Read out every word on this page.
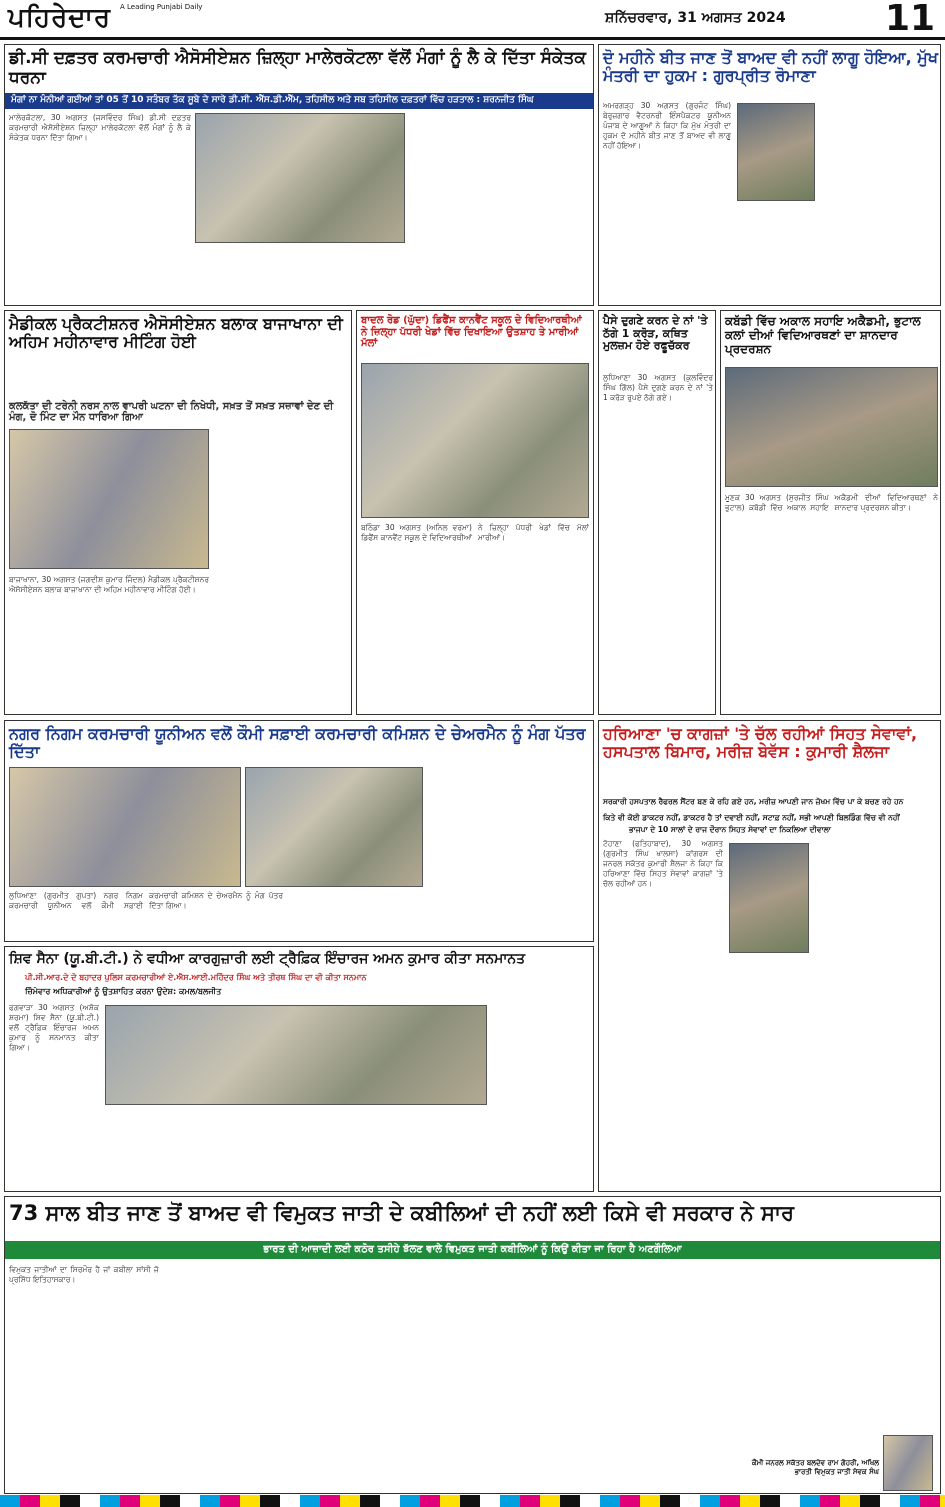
ਪਹਿਰੇਦਾਰ A Leading Punjabi Daily
ਸ਼ਨਿੱਚਰਵਾਰ, 31 ਅਗਸਤ 2024	11
ਡੀ.ਸੀ ਦਫ਼ਤਰ ਕਰਮਚਾਰੀ ਐਸੋਸੀਏਸ਼ਨ ਜ਼ਿਲ੍ਹਾ ਮਾਲੇਰਕੋਟਲਾ ਵੱਲੋਂ ਮੰਗਾਂ ਨੂੰ ਲੈ ਕੇ ਦਿੱਤਾ ਸੰਕੇਤਕ ਧਰਨਾ
ਮੰਗਾਂ ਨਾ ਮੰਨੀਆਂ ਗਈਆਂ ਤਾਂ 05 ਤੋਂ 10 ਸਤੰਬਰ ਤੱਕ ਸੂਬੇ ਦੇ ਸਾਰੇ ਡੀ.ਸੀ. ਐੱਸ.ਡੀ.ਐੱਮ, ਤਹਿਸੀਲ ਅਤੇ ਸਬ ਤਹਿਸੀਲ ਦਫ਼ਤਰਾਂ ਵਿੱਚ ਹੜਤਾਲ : ਸ਼ਰਨਜੀਤ ਸਿੰਘ
ਮਾਲੇਰਕੋਟਲਾ, 30 ਅਗਸਤ (ਜਸਵਿੰਦਰ ਸਿੰਘ) ਡੀ.ਸੀ ਦਫ਼ਤਰ ਕਰਮਚਾਰੀ ਐਸੋਸੀਏਸ਼ਨ ਜ਼ਿਲ੍ਹਾ ਮਾਲੇਰਕੋਟਲਾ ਵੱਲੋਂ ਮੰਗਾਂ ਨੂੰ ਲੈ ਕੇ ਸੰਕੇਤਕ ਧਰਨਾ ਦਿੱਤਾ ਗਿਆ।
ਦੋ ਮਹੀਨੇ ਬੀਤ ਜਾਣ ਤੋਂ ਬਾਅਦ ਵੀ ਨਹੀਂ ਲਾਗੂ ਹੋਇਆ, ਮੁੱਖ ਮੰਤਰੀ ਦਾ ਹੁਕਮ : ਗੁਰਪ੍ਰੀਤ ਰੋਮਾਣਾ
ਅਮਰਗੜ੍ਹ 30 ਅਗਸਤ (ਗੁਰਜੰਟ ਸਿੰਘ) ਬੇਰੁਜ਼ਗਾਰ ਵੈਟਰਨਰੀ ਇੰਸਪੈਕਟਰ ਯੂਨੀਅਨ ਪੰਜਾਬ ਦੇ ਆਗੂਆਂ ਨੇ ਕਿਹਾ ਕਿ ਮੁੱਖ ਮੰਤਰੀ ਦਾ ਹੁਕਮ ਦੋ ਮਹੀਨੇ ਬੀਤ ਜਾਣ ਤੋਂ ਬਾਅਦ ਵੀ ਲਾਗੂ ਨਹੀਂ ਹੋਇਆ।
ਮੈਡੀਕਲ ਪ੍ਰੈਕਟੀਸ਼ਨਰ ਐਸੋਸੀਏਸ਼ਨ ਬਲਾਕ ਬਾਜਾਖਾਨਾ ਦੀ ਅਹਿਮ ਮਹੀਨਾਵਾਰ ਮੀਟਿੰਗ ਹੋਈ
ਕਲਕੱਤਾ ਦੀ ਟਰੇਨੀ ਨਰਸ ਨਾਲ ਵਾਪਰੀ ਘਟਨਾ ਦੀ ਨਿਖੇਧੀ, ਸਖ਼ਤ ਤੋਂ ਸਖ਼ਤ ਸਜ਼ਾਵਾਂ ਦੇਣ ਦੀ ਮੰਗ, ਦੋ ਮਿੰਟ ਦਾ ਮੌਨ ਧਾਰਿਆ ਗਿਆ
ਬਾਜਾਖਾਨਾ, 30 ਅਗਸਤ (ਜਗਦੀਸ਼ ਕੁਮਾਰ ਜਿੰਦਲ) ਮੈਡੀਕਲ ਪ੍ਰੈਕਟੀਸ਼ਨਰ ਐਸੋਸੀਏਸ਼ਨ ਬਲਾਕ ਬਾਜਾਖਾਨਾ ਦੀ ਅਹਿਮ ਮਹੀਨਾਵਾਰ ਮੀਟਿੰਗ ਹੋਈ।
ਬਾਦਲ ਰੋਡ (ਘੁੱਦਾ) ਡਿਫੈਂਸ ਕਾਨਵੈਂਟ ਸਕੂਲ ਦੇ ਵਿਦਿਆਰਥੀਆਂ ਨੇ ਜ਼ਿਲ੍ਹਾ ਪੱਧਰੀ ਖੇਡਾਂ ਵਿੱਚ ਦਿਖਾਇਆ ਉਤਸ਼ਾਹ ਤੇ ਮਾਰੀਆਂ ਮੱਲਾਂ
ਬਠਿੰਡਾ 30 ਅਗਸਤ (ਅਨਿਲ ਵਰਮਾ) ਡਿਫੈਂਸ ਕਾਨਵੈਂਟ ਸਕੂਲ ਦੇ ਵਿਦਿਆਰਥੀਆਂ ਨੇ ਜ਼ਿਲ੍ਹਾ ਪੱਧਰੀ ਖੇਡਾਂ ਵਿੱਚ ਮੱਲਾਂ ਮਾਰੀਆਂ।
ਪੈਸੇ ਦੁਗਣੇ ਕਰਨ ਦੇ ਨਾਂ 'ਤੇ ਠੱਗੇ 1 ਕਰੋੜ, ਕਥਿਤ ਮੁਲਜ਼ਮ ਹੋਏ ਰਫੂਚੱਕਰ
ਲੁਧਿਆਣਾ 30 ਅਗਸਤ (ਕੁਲਵਿੰਦਰ ਸਿੰਘ ਗਿੱਲ) ਪੈਸੇ ਦੁਗਣੇ ਕਰਨ ਦੇ ਨਾਂ 'ਤੇ 1 ਕਰੋੜ ਰੁਪਏ ਠੱਗੇ ਗਏ।
ਕਬੱਡੀ ਵਿੱਚ ਅਕਾਲ ਸਹਾਇ ਅਕੈਡਮੀ, ਭੁਟਾਲ ਕਲਾਂ ਦੀਆਂ ਵਿਦਿਆਰਥਣਾਂ ਦਾ ਸ਼ਾਨਦਾਰ ਪ੍ਰਦਰਸ਼ਨ
ਮੂਣਕ 30 ਅਗਸਤ (ਸੁਰਜੀਤ ਸਿੰਘ ਭੁਟਾਲ) ਕਬੱਡੀ ਵਿੱਚ ਅਕਾਲ ਸਹਾਇ ਅਕੈਡਮੀ ਦੀਆਂ ਵਿਦਿਆਰਥਣਾਂ ਨੇ ਸ਼ਾਨਦਾਰ ਪ੍ਰਦਰਸ਼ਨ ਕੀਤਾ।
ਨਗਰ ਨਿਗਮ ਕਰਮਚਾਰੀ ਯੂਨੀਅਨ ਵਲੋਂ ਕੌਮੀ ਸਫ਼ਾਈ ਕਰਮਚਾਰੀ ਕਮਿਸ਼ਨ ਦੇ ਚੇਅਰਮੈਨ ਨੂੰ ਮੰਗ ਪੱਤਰ ਦਿੱਤਾ
ਲੁਧਿਆਣਾ (ਗੁਰਮੀਤ ਗੁਪਤਾ) ਨਗਰ ਨਿਗਮ ਕਰਮਚਾਰੀ ਯੂਨੀਅਨ ਵਲੋਂ ਕੌਮੀ ਸਫ਼ਾਈ ਕਰਮਚਾਰੀ ਕਮਿਸ਼ਨ ਦੇ ਚੇਅਰਮੈਨ ਨੂੰ ਮੰਗ ਪੱਤਰ ਦਿੱਤਾ ਗਿਆ।
ਹਰਿਆਣਾ 'ਚ ਕਾਗਜ਼ਾਂ 'ਤੇ ਚੱਲ ਰਹੀਆਂ ਸਿਹਤ ਸੇਵਾਵਾਂ, ਹਸਪਤਾਲ ਬਿਮਾਰ, ਮਰੀਜ਼ ਬੇਵੱਸ : ਕੁਮਾਰੀ ਸ਼ੈਲਜਾ
ਸਰਕਾਰੀ ਹਸਪਤਾਲ ਰੈਫਰਲ ਸੈਂਟਰ ਬਣ ਕੇ ਰਹਿ ਗਏ ਹਨ, ਮਰੀਜ਼ ਆਪਣੀ ਜਾਨ ਜ਼ੋਖਮ ਵਿੱਚ ਪਾ ਕੇ ਬਚਣ ਰਹੇ ਹਨ
ਕਿਤੇ ਵੀ ਕੋਈ ਡਾਕਟਰ ਨਹੀਂ, ਡਾਕਟਰ ਹੈ ਤਾਂ ਦਵਾਈ ਨਹੀਂ, ਸਟਾਫ਼ ਨਹੀਂ, ਸਭੀ ਆਪਣੀ ਬਿਲਡਿੰਗ ਵਿੱਚ ਵੀ ਨਹੀਂ
ਭਾਜਪਾ ਦੇ 10 ਸਾਲਾਂ ਦੇ ਰਾਜ ਦੌਰਾਨ ਸਿਹਤ ਸੇਵਾਵਾਂ ਦਾ ਨਿਕਲਿਆ ਦੀਵਾਲਾ
ਟੋਹਾਣਾ (ਫਤਿਹਾਬਾਦ), 30 ਅਗਸਤ (ਗੁਰਮੀਤ ਸਿੰਘ ਖਾਲਸਾ) ਕਾਂਗਰਸ ਦੀ ਜਨਰਲ ਸਕੱਤਰ ਕੁਮਾਰੀ ਸ਼ੈਲਜਾ ਨੇ ਕਿਹਾ ਕਿ ਹਰਿਆਣਾ ਵਿੱਚ ਸਿਹਤ ਸੇਵਾਵਾਂ ਕਾਗਜ਼ਾਂ 'ਤੇ ਚੱਲ ਰਹੀਆਂ ਹਨ।
ਸ਼ਿਵ ਸੈਨਾ (ਯੂ.ਬੀ.ਟੀ.) ਨੇ ਵਧੀਆ ਕਾਰਗੁਜ਼ਾਰੀ ਲਈ ਟ੍ਰੈਫ਼ਿਕ ਇੰਚਾਰਜ ਅਮਨ ਕੁਮਾਰ ਕੀਤਾ ਸਨਮਾਨਤ
ਪੀ.ਸੀ.ਆਰ.ਦੇ ਦੋ ਬਹਾਦਰ ਪੁਲਿਸ ਕਰਮਚਾਰੀਆਂ ਏ.ਐਸ.ਆਈ.ਮਹਿੰਦਰ ਸਿੰਘ ਅਤੇ ਤੀਰਥ ਸਿੰਘ ਦਾ ਵੀ ਕੀਤਾ ਸਨਮਾਨ
ਜ਼ਿੰਮੇਵਾਰ ਅਧਿਕਾਰੀਆਂ ਨੂੰ ਉਤਸ਼ਾਹਿਤ ਕਰਨਾ ਉਦੇਸ਼: ਕਮਲ/ਬਲਜੀਤ
ਫਗਵਾੜਾ 30 ਅਗਸਤ (ਅਸ਼ੋਕ ਸ਼ਰਮਾ) ਸ਼ਿਵ ਸੈਨਾ (ਯੂ.ਬੀ.ਟੀ.) ਵਲੋਂ ਟ੍ਰੈਫ਼ਿਕ ਇੰਚਾਰਜ ਅਮਨ ਕੁਮਾਰ ਨੂੰ ਸਨਮਾਨਤ ਕੀਤਾ ਗਿਆ।
73 ਸਾਲ ਬੀਤ ਜਾਣ ਤੋਂ ਬਾਅਦ ਵੀ ਵਿਮੁਕਤ ਜਾਤੀ ਦੇ ਕਬੀਲਿਆਂ ਦੀ ਨਹੀਂ ਲਈ ਕਿਸੇ ਵੀ ਸਰਕਾਰ ਨੇ ਸਾਰ
ਭਾਰਤ ਦੀ ਆਜ਼ਾਦੀ ਲਈ ਕਠੋਰ ਤਸੀਹੇ ਝੱਲਣ ਵਾਲੇ ਵਿਮੁਕਤ ਜਾਤੀ ਕਬੀਲਿਆਂ ਨੂੰ ਕਿਉਂ ਕੀਤਾ ਜਾ ਰਿਹਾ ਹੈ ਅਣਗੌਲਿਆ
ਵਿਮੁਕਤ ਜਾਤੀਆਂ ਦਾ ਸਿਰਮੌਰ ਹੈ ਜਾਂ ਕਬੀਲਾ ਸਾਂਸੀ ਜੋ ਪ੍ਰਸਿੱਧ ਇਤਿਹਾਸਕਾਰ।
ਕੌਮੀ ਜਨਰਲ ਸਕੱਤਰ ਬਲਦੇਵ ਰਾਮ ਗੋਹਰੀ, ਅਖਿਲ ਭਾਰਤੀ ਵਿਮੁਕਤ ਜਾਤੀ ਸੇਵਕ ਸੰਘ
